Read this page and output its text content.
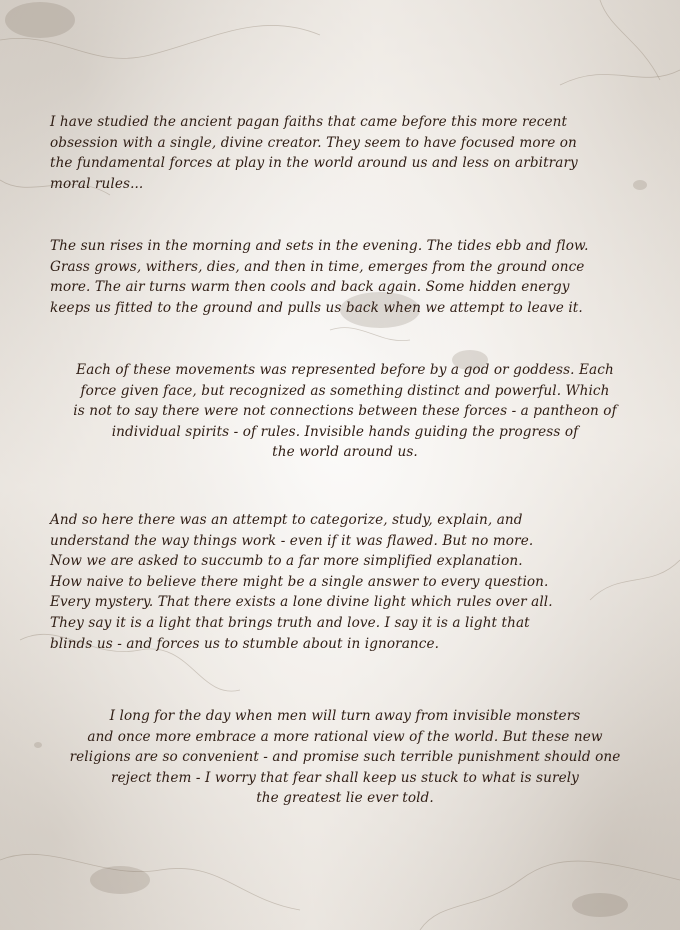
I have studied the ancient pagan faiths that came before this more recent
obsession with a single, divine creator. They seem to have focused more on
the fundamental forces at play in the world around us and less on arbitrary
moral rules...
The sun rises in the morning and sets in the evening. The tides ebb and flow.
Grass grows, withers, dies, and then in time, emerges from the ground once
more. The air turns warm then cools and back again. Some hidden energy
keeps us fitted to the ground and pulls us back when we attempt to leave it.
Each of these movements was represented before by a god or goddess. Each
force given face, but recognized as something distinct and powerful. Which
is not to say there were not connections between these forces - a pantheon of
individual spirits - of rules. Invisible hands guiding the progress of
the world around us.
And so here there was an attempt to categorize, study, explain, and
understand the way things work - even if it was flawed. But no more.
Now we are asked to succumb to a far more simplified explanation.
How naive to believe there might be a single answer to every question.
Every mystery. That there exists a lone divine light which rules over all.
They say it is a light that brings truth and love. I say it is a light that
blinds us - and forces us to stumble about in ignorance.
I long for the day when men will turn away from invisible monsters
and once more embrace a more rational view of the world. But these new
religions are so convenient - and promise such terrible punishment should one
reject them - I worry that fear shall keep us stuck to what is surely
the greatest lie ever told.
